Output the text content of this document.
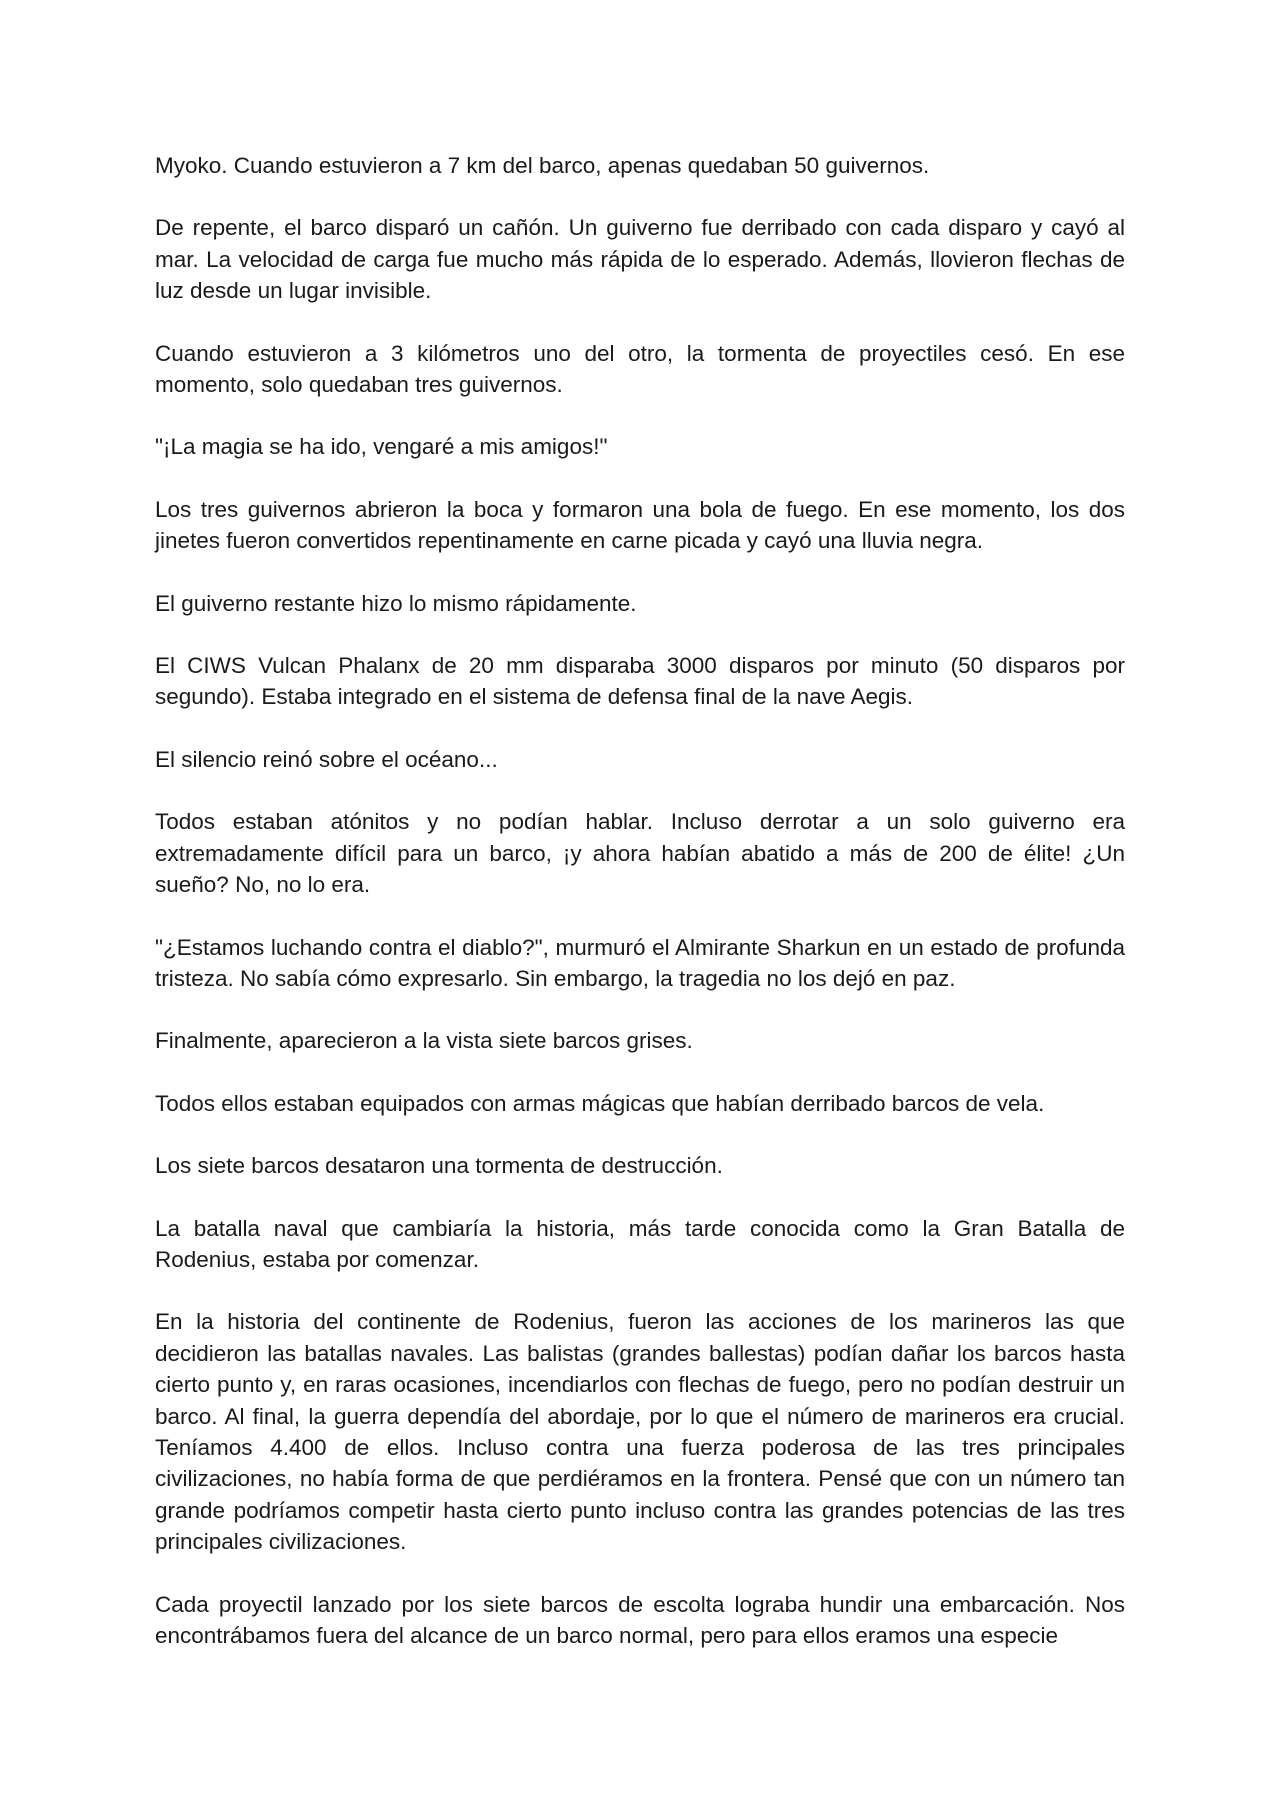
Myoko. Cuando estuvieron a 7 km del barco, apenas quedaban 50 guivernos.

De repente, el barco disparó un cañón. Un guiverno fue derribado con cada disparo y cayó al mar. La velocidad de carga fue mucho más rápida de lo esperado. Además, llovieron flechas de luz desde un lugar invisible.

Cuando estuvieron a 3 kilómetros uno del otro, la tormenta de proyectiles cesó. En ese momento, solo quedaban tres guivernos.

"¡La magia se ha ido, vengaré a mis amigos!"

Los tres guivernos abrieron la boca y formaron una bola de fuego. En ese momento, los dos jinetes fueron convertidos repentinamente en carne picada y cayó una lluvia negra.

El guiverno restante hizo lo mismo rápidamente.

El CIWS Vulcan Phalanx de 20 mm disparaba 3000 disparos por minuto (50 disparos por segundo). Estaba integrado en el sistema de defensa final de la nave Aegis.

El silencio reinó sobre el océano...

Todos estaban atónitos y no podían hablar. Incluso derrotar a un solo guiverno era extremadamente difícil para un barco, ¡y ahora habían abatido a más de 200 de élite! ¿Un sueño? No, no lo era.

"¿Estamos luchando contra el diablo?", murmuró el Almirante Sharkun en un estado de profunda tristeza. No sabía cómo expresarlo. Sin embargo, la tragedia no los dejó en paz.

Finalmente, aparecieron a la vista siete barcos grises.

Todos ellos estaban equipados con armas mágicas que habían derribado barcos de vela.

Los siete barcos desataron una tormenta de destrucción.

La batalla naval que cambiaría la historia, más tarde conocida como la Gran Batalla de Rodenius, estaba por comenzar.

En la historia del continente de Rodenius, fueron las acciones de los marineros las que decidieron las batallas navales. Las balistas (grandes ballestas) podían dañar los barcos hasta cierto punto y, en raras ocasiones, incendiarlos con flechas de fuego, pero no podían destruir un barco. Al final, la guerra dependía del abordaje, por lo que el número de marineros era crucial. Teníamos 4.400 de ellos. Incluso contra una fuerza poderosa de las tres principales civilizaciones, no había forma de que perdiéramos en la frontera. Pensé que con un número tan grande podríamos competir hasta cierto punto incluso contra las grandes potencias de las tres principales civilizaciones.

Cada proyectil lanzado por los siete barcos de escolta lograba hundir una embarcación. Nos encontrábamos fuera del alcance de un barco normal, pero para ellos eramos una especie
